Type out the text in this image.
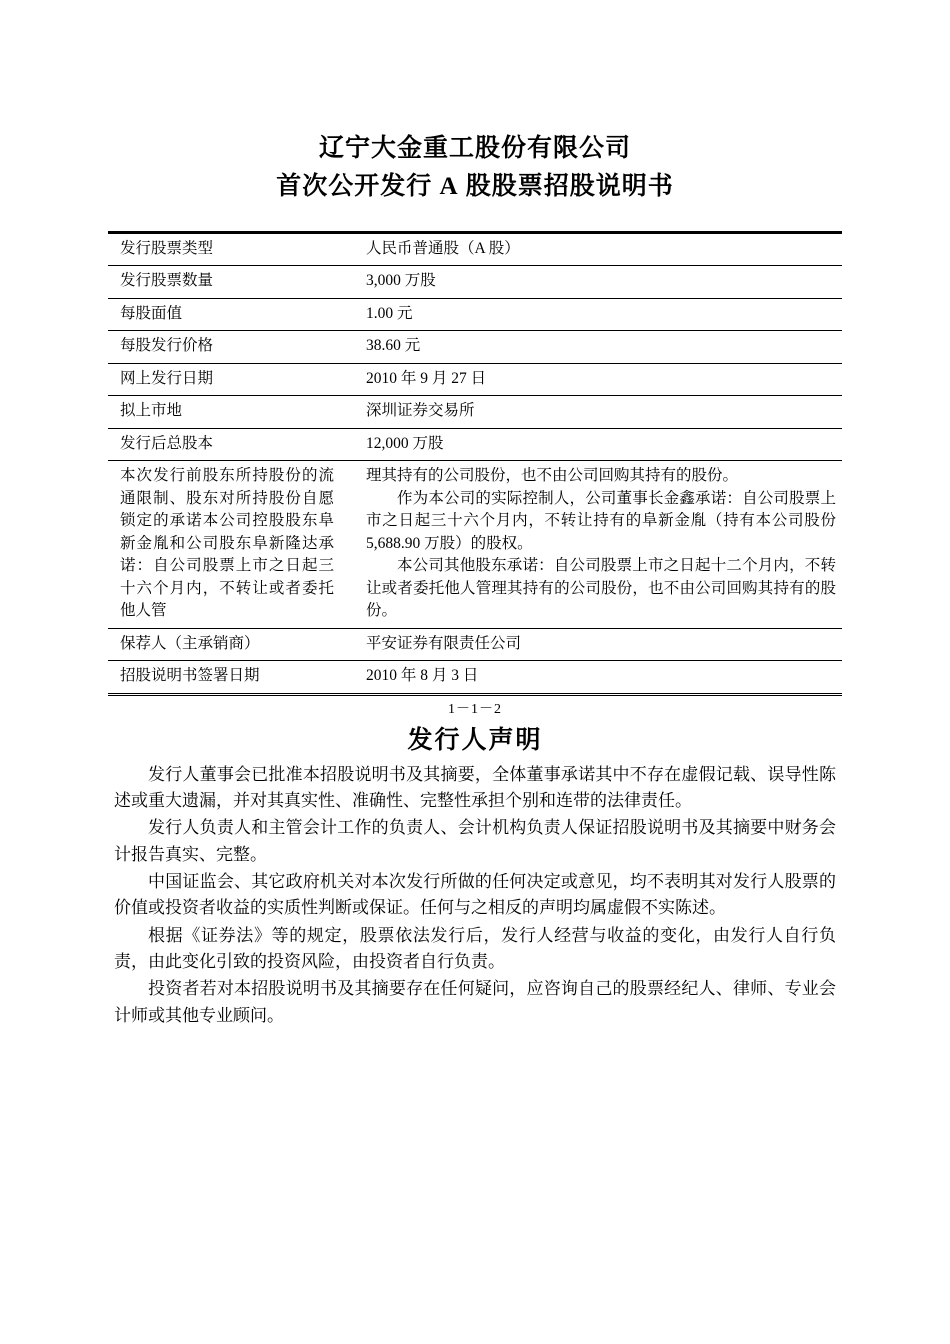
辽宁大金重工股份有限公司
首次公开发行 A 股股票招股说明书
发行股票类型	人民币普通股（A 股）
发行股票数量	3,000 万股
每股面值	1.00 元
每股发行价格	38.60 元
网上发行日期	2010 年 9 月 27 日
拟上市地	深圳证券交易所
发行后总股本	12,000 万股
本次发行前股东所持股份的流通限制、股东对所持股份自愿锁定的承诺本公司控股股东阜新金胤和公司股东阜新隆达承诺：自公司股票上市之日起三十六个月内，不转让或者委托他人管	理其持有的公司股份，也不由公司回购其持有的股份。

作为本公司的实际控制人，公司董事长金鑫承诺：自公司股票上市之日起三十六个月内，不转让持有的阜新金胤（持有本公司股份 5,688.90 万股）的股权。

本公司其他股东承诺：自公司股票上市之日起十二个月内，不转让或者委托他人管理其持有的公司股份，也不由公司回购其持有的股份。

保荐人（主承销商）	平安证券有限责任公司
招股说明书签署日期	2010 年 8 月 3 日
1－1－2
发行人声明

发行人董事会已批准本招股说明书及其摘要，全体董事承诺其中不存在虚假记载、误导性陈述或重大遗漏，并对其真实性、准确性、完整性承担个别和连带的法律责任。

发行人负责人和主管会计工作的负责人、会计机构负责人保证招股说明书及其摘要中财务会计报告真实、完整。

中国证监会、其它政府机关对本次发行所做的任何决定或意见，均不表明其对发行人股票的价值或投资者收益的实质性判断或保证。任何与之相反的声明均属虚假不实陈述。

根据《证券法》等的规定，股票依法发行后，发行人经营与收益的变化，由发行人自行负责，由此变化引致的投资风险，由投资者自行负责。

投资者若对本招股说明书及其摘要存在任何疑问，应咨询自己的股票经纪人、律师、专业会计师或其他专业顾问。
